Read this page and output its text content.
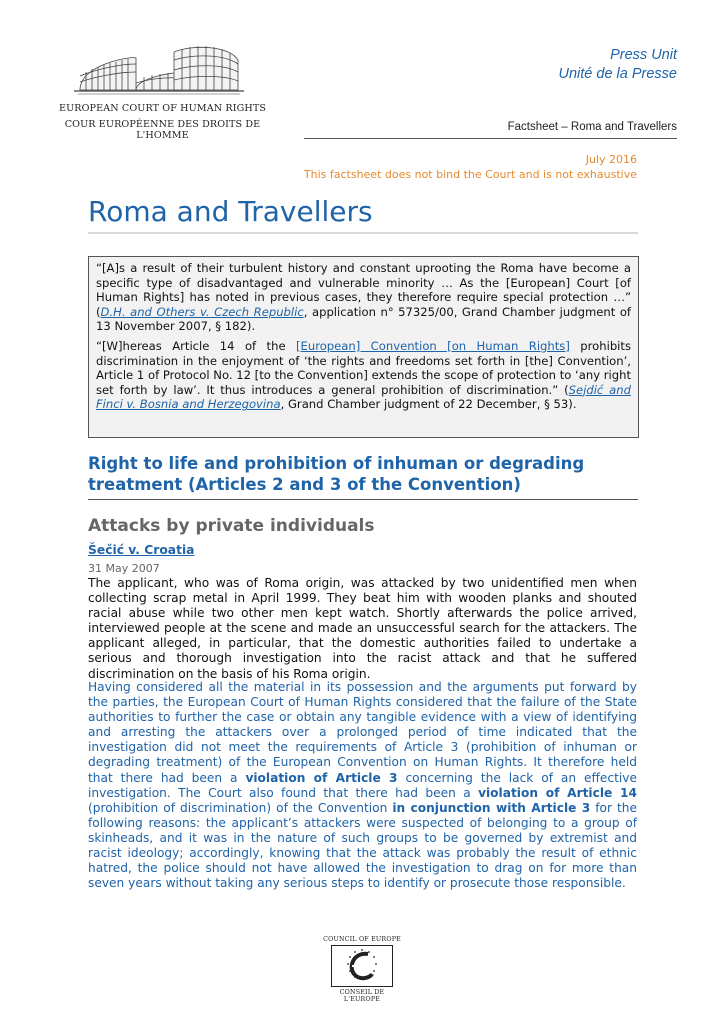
EUROPEAN COURT OF HUMAN RIGHTS
COUR EUROPÉENNE DES DROITS DE L'HOMME
Press Unit
Unité de la Presse
Factsheet – Roma and Travellers
July 2016
This factsheet does not bind the Court and is not exhaustive
Roma and Travellers

“[A]s a result of their turbulent history and constant uprooting the Roma have become a specific type of disadvantaged and vulnerable minority … As the [European] Court [of Human Rights] has noted in previous cases, they therefore require special protection …” (D.H. and Others v. Czech Republic, application n° 57325/00, Grand Chamber judgment of 13 November 2007, § 182).

“[W]hereas Article 14 of the [European] Convention [on Human Rights] prohibits discrimination in the enjoyment of ‘the rights and freedoms set forth in [the] Convention’, Article 1 of Protocol No. 12 [to the Convention] extends the scope of protection to ‘any right set forth by law’. It thus introduces a general prohibition of discrimination.” (Sejdić and Finci v. Bosnia and Herzegovina, Grand Chamber judgment of 22 December, § 53).

Right to life and prohibition of inhuman or degrading treatment (Articles 2 and 3 of the Convention)
Attacks by private individuals
Šečić v. Croatia
31 May 2007

The applicant, who was of Roma origin, was attacked by two unidentified men when collecting scrap metal in April 1999. They beat him with wooden planks and shouted racial abuse while two other men kept watch. Shortly afterwards the police arrived, interviewed people at the scene and made an unsuccessful search for the attackers. The applicant alleged, in particular, that the domestic authorities failed to undertake a serious and thorough investigation into the racist attack and that he suffered discrimination on the basis of his Roma origin.

Having considered all the material in its possession and the arguments put forward by the parties, the European Court of Human Rights considered that the failure of the State authorities to further the case or obtain any tangible evidence with a view of identifying and arresting the attackers over a prolonged period of time indicated that the investigation did not meet the requirements of Article 3 (prohibition of inhuman or degrading treatment) of the European Convention on Human Rights. It therefore held that there had been a violation of Article 3 concerning the lack of an effective investigation. The Court also found that there had been a violation of Article 14 (prohibition of discrimination) of the Convention in conjunction with Article 3 for the following reasons: the applicant’s attackers were suspected of belonging to a group of skinheads, and it was in the nature of such groups to be governed by extremist and racist ideology; accordingly, knowing that the attack was probably the result of ethnic hatred, the police should not have allowed the investigation to drag on for more than seven years without taking any serious steps to identify or prosecute those responsible.

COUNCIL OF EUROPE
CONSEIL DE L'EUROPE
